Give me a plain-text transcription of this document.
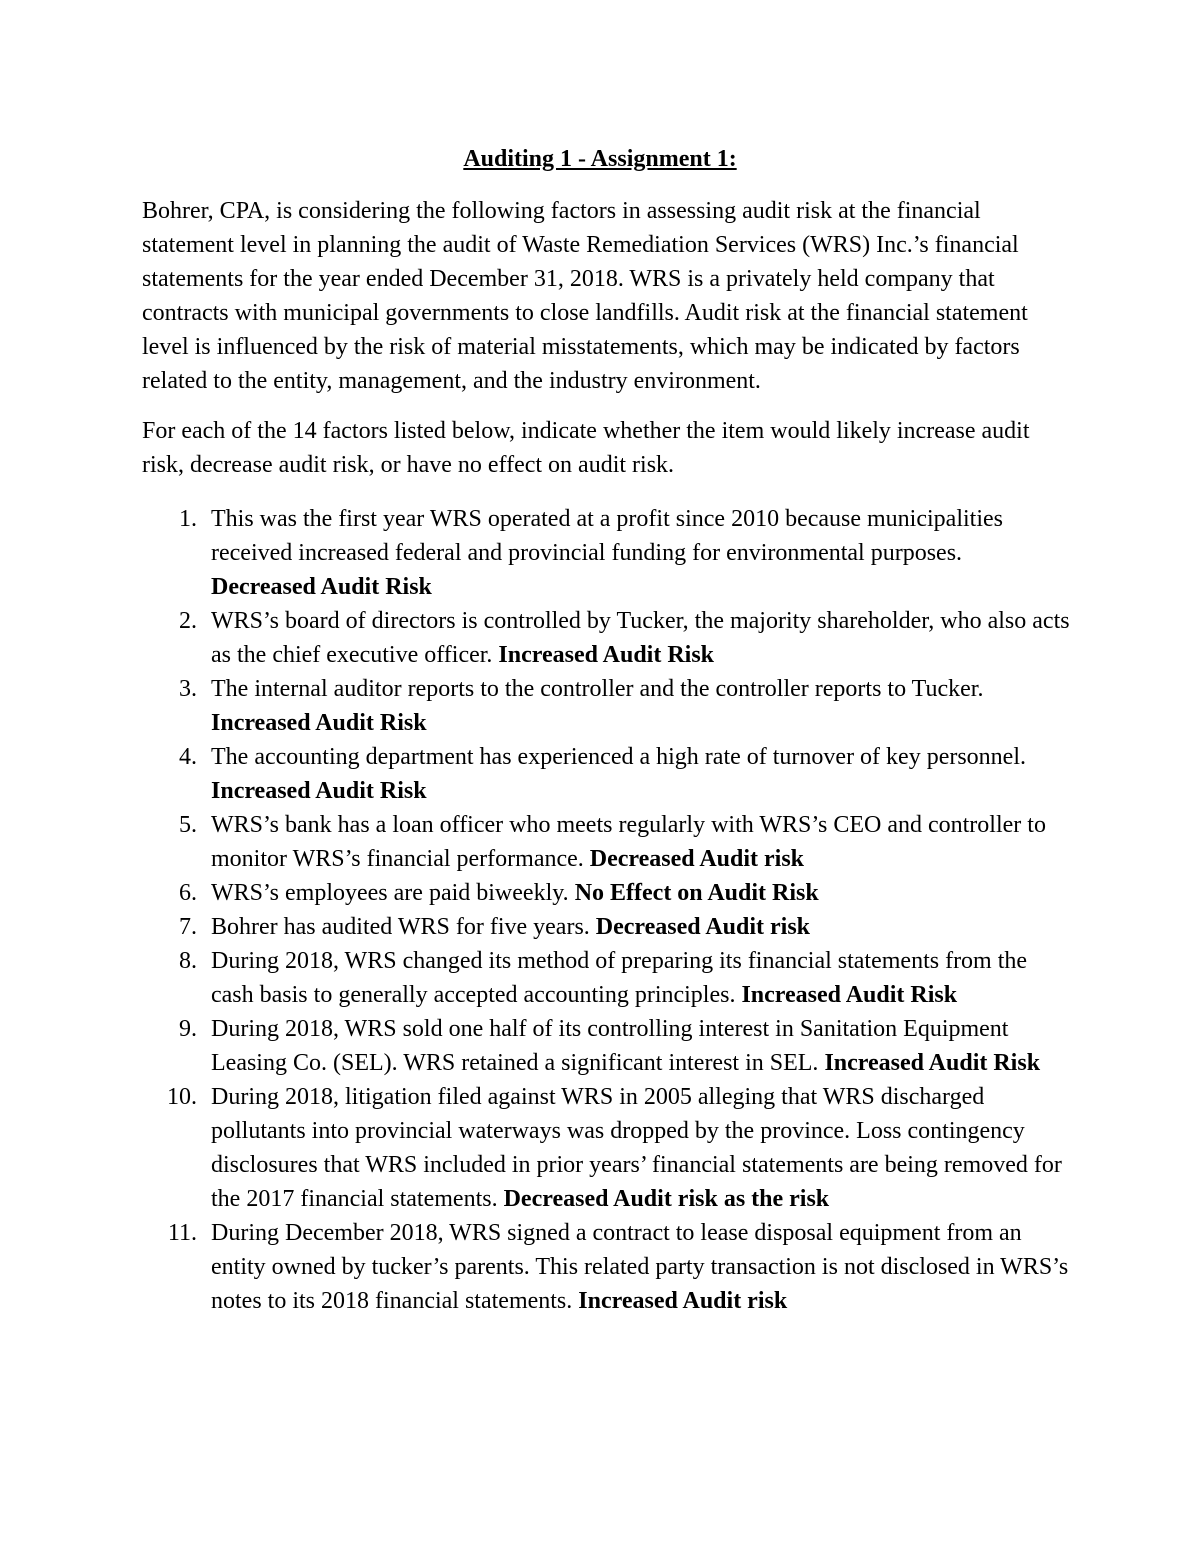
Auditing 1 - Assignment 1:

Bohrer, CPA, is considering the following factors in assessing audit risk at the financial statement level in planning the audit of Waste Remediation Services (WRS) Inc.’s financial statements for the year ended December 31, 2018. WRS is a privately held company that contracts with municipal governments to close landfills. Audit risk at the financial statement level is influenced by the risk of material misstatements, which may be indicated by factors related to the entity, management, and the industry environment.

For each of the 14 factors listed below, indicate whether the item would likely increase audit risk, decrease audit risk, or have no effect on audit risk.

1. This was the first year WRS operated at a profit since 2010 because municipalities received increased federal and provincial funding for environmental purposes. Decreased Audit Risk
2. WRS’s board of directors is controlled by Tucker, the majority shareholder, who also acts as the chief executive officer. Increased Audit Risk
3. The internal auditor reports to the controller and the controller reports to Tucker. Increased Audit Risk
4. The accounting department has experienced a high rate of turnover of key personnel. Increased Audit Risk
5. WRS’s bank has a loan officer who meets regularly with WRS’s CEO and controller to monitor WRS’s financial performance. Decreased Audit risk
6. WRS’s employees are paid biweekly. No Effect on Audit Risk
7. Bohrer has audited WRS for five years. Decreased Audit risk
8. During 2018, WRS changed its method of preparing its financial statements from the cash basis to generally accepted accounting principles. Increased Audit Risk
9. During 2018, WRS sold one half of its controlling interest in Sanitation Equipment Leasing Co. (SEL). WRS retained a significant interest in SEL. Increased Audit Risk
10. During 2018, litigation filed against WRS in 2005 alleging that WRS discharged pollutants into provincial waterways was dropped by the province. Loss contingency disclosures that WRS included in prior years’ financial statements are being removed for the 2017 financial statements. Decreased Audit risk as the risk
11. During December 2018, WRS signed a contract to lease disposal equipment from an entity owned by tucker’s parents. This related party transaction is not disclosed in WRS’s notes to its 2018 financial statements. Increased Audit risk
